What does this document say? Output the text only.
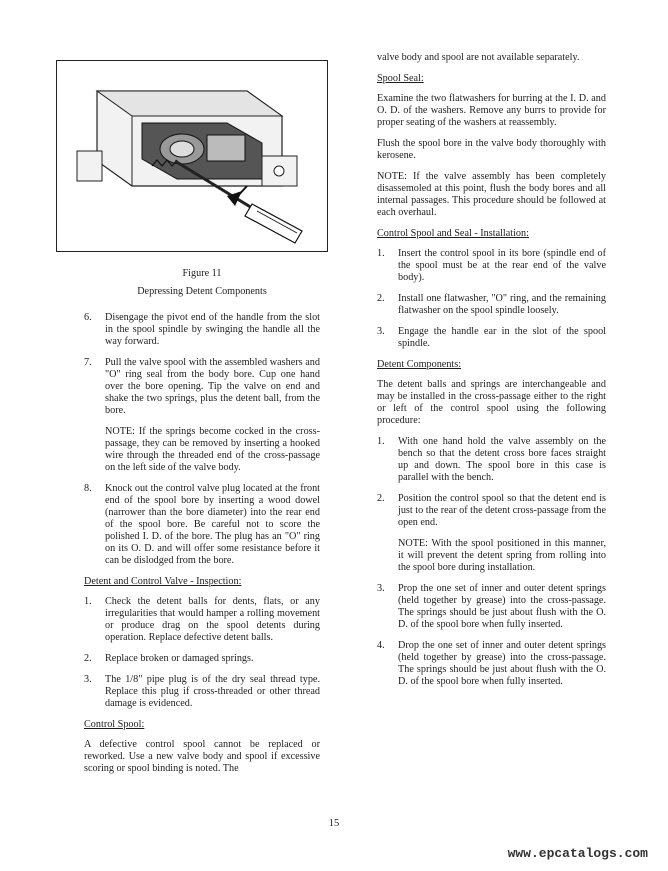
Figure 11

Depressing Detent Components

6. Disengage the pivot end of the handle from the slot in the spool spindle by swinging the handle all the way forward.
7. Pull the valve spool with the assembled washers and "O" ring seal from the body bore. Cup one hand over the bore opening. Tip the valve on end and shake the two springs, plus the detent ball, from the bore.

NOTE: If the springs become cocked in the cross-passage, they can be removed by inserting a hooked wire through the threaded end of the cross-passage on the left side of the valve body.

8. Knock out the control valve plug located at the front end of the spool bore by inserting a wood dowel (narrower than the bore diameter) into the rear end of the spool bore. Be careful not to score the polished I. D. of the bore. The plug has an "O" ring on its O. D. and will offer some resistance before it can be dislodged from the bore.

Detent and Control Valve - Inspection:

1. Check the detent balls for dents, flats, or any irregularities that would hamper a rolling movement or produce drag on the spool detents during operation. Replace defective detent balls.
2. Replace broken or damaged springs.
3. The 1/8" pipe plug is of the dry seal thread type. Replace this plug if cross-threaded or other thread damage is evidenced.

Control Spool:

A defective control spool cannot be replaced or reworked. Use a new valve body and spool if excessive scoring or spool binding is noted. The

valve body and spool are not available separately.

Spool Seal:

Examine the two flatwashers for burring at the I. D. and O. D. of the washers. Remove any burrs to provide for proper seating of the washers at reassembly.

Flush the spool bore in the valve body thoroughly with kerosene.

NOTE: If the valve assembly has been completely disassemoled at this point, flush the body bores and all internal passages. This procedure should be followed at each overhaul.

Control Spool and Seal - Installation:

1. Insert the control spool in its bore (spindle end of the spool must be at the rear end of the valve body).
2. Install one flatwasher, "O" ring, and the remaining flatwasher on the spool spindle loosely.
3. Engage the handle ear in the slot of the spool spindle.

Detent Components:

The detent balls and springs are interchangeable and may be installed in the cross-passage either to the right or left of the control spool using the following procedure:

1. With one hand hold the valve assembly on the bench so that the detent cross bore faces straight up and down. The spool bore in this case is parallel with the bench.
2. Position the control spool so that the detent end is just to the rear of the detent cross-passage from the open end.

NOTE: With the spool positioned in this manner, it will prevent the detent spring from rolling into the spool bore during installation.

3. Prop the one set of inner and outer detent springs (held together by grease) into the cross-passage. The springs should be just about flush with the O. D. of the spool bore when fully inserted.
4. Drop the one set of inner and outer detent springs (held together by grease) into the cross-passage. The springs should be just about flush with the O. D. of the spool bore when fully inserted.
15
www.epcatalogs.com
